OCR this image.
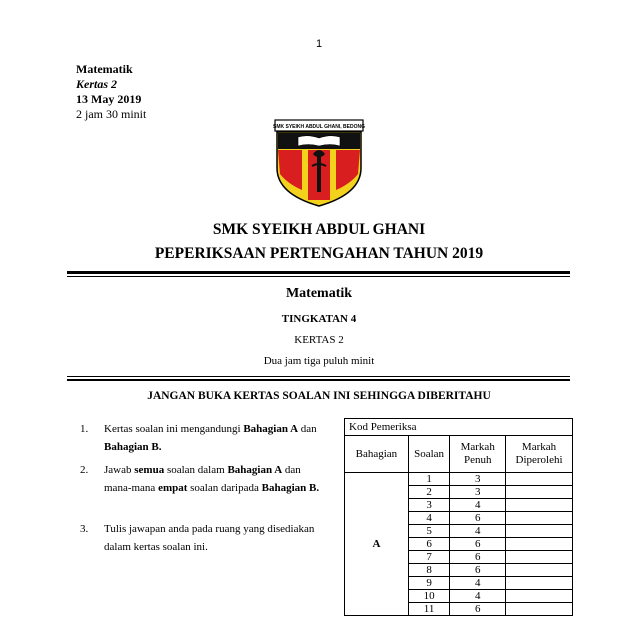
1
Matematik
Kertas 2
13 May 2019
2 jam 30 minit
SMK SYEIKH ABDUL GHANI, BEDONG
SMK SYEIKH ABDUL GHANI
PEPERIKSAAN PERTENGAHAN TAHUN 2019
Matematik
TINGKATAN 4
KERTAS 2
Dua jam tiga puluh minit
JANGAN BUKA KERTAS SOALAN INI SEHINGGA DIBERITAHU
1. Kertas soalan ini mengandungi Bahagian A dan Bahagian B.
2. Jawab semua soalan dalam Bahagian A dan mana-mana empat soalan daripada Bahagian B.
3. Tulis jawapan anda pada ruang yang disediakan dalam kertas soalan ini.
Kod Pemeriksa			
Bahagian	Soalan	Markah Penuh	Markah Diperolehi
A	1	3	
	2	3	
	3	4	
	4	6	
	5	4	
	6	6	
	7	6	
	8	6	
	9	4	
	10	4	
	11	6	
